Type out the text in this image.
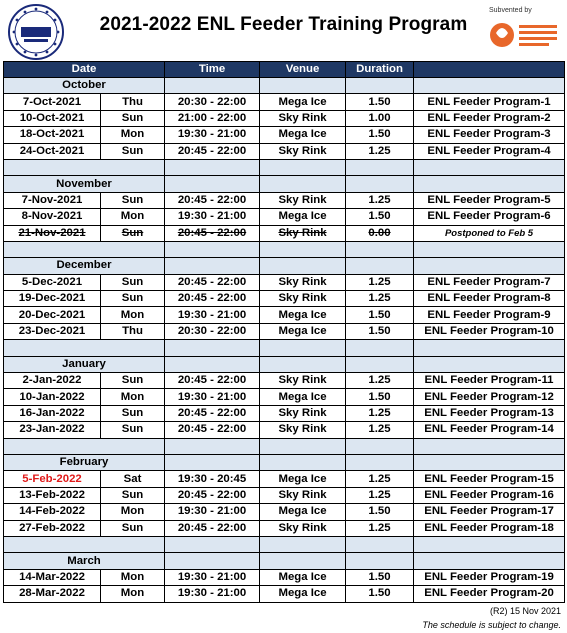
2021-2022 ENL Feeder Training Program
Subvented by
Date		Time	Venue	Duration	
October					
7-Oct-2021	Thu	20:30 - 22:00	Mega Ice	1.50	ENL Feeder Program-1
10-Oct-2021	Sun	21:00 - 22:00	Sky Rink	1.00	ENL Feeder Program-2
18-Oct-2021	Mon	19:30 - 21:00	Mega Ice	1.50	ENL Feeder Program-3
24-Oct-2021	Sun	20:45 - 22:00	Sky Rink	1.25	ENL Feeder Program-4

November					
7-Nov-2021	Sun	20:45 - 22:00	Sky Rink	1.25	ENL Feeder Program-5
8-Nov-2021	Mon	19:30 - 21:00	Mega Ice	1.50	ENL Feeder Program-6
21-Nov-2021	Sun	20:45 - 22:00	Sky Rink	0.00	Postponed to Feb 5

December					
5-Dec-2021	Sun	20:45 - 22:00	Sky Rink	1.25	ENL Feeder Program-7
19-Dec-2021	Sun	20:45 - 22:00	Sky Rink	1.25	ENL Feeder Program-8
20-Dec-2021	Mon	19:30 - 21:00	Mega Ice	1.50	ENL Feeder Program-9
23-Dec-2021	Thu	20:30 - 22:00	Mega Ice	1.50	ENL Feeder Program-10

January					
2-Jan-2022	Sun	20:45 - 22:00	Sky Rink	1.25	ENL Feeder Program-11
10-Jan-2022	Mon	19:30 - 21:00	Mega Ice	1.50	ENL Feeder Program-12
16-Jan-2022	Sun	20:45 - 22:00	Sky Rink	1.25	ENL Feeder Program-13
23-Jan-2022	Sun	20:45 - 22:00	Sky Rink	1.25	ENL Feeder Program-14

February					
5-Feb-2022	Sat	19:30 - 20:45	Mega Ice	1.25	ENL Feeder Program-15
13-Feb-2022	Sun	20:45 - 22:00	Sky Rink	1.25	ENL Feeder Program-16
14-Feb-2022	Mon	19:30 - 21:00	Mega Ice	1.50	ENL Feeder Program-17
27-Feb-2022	Sun	20:45 - 22:00	Sky Rink	1.25	ENL Feeder Program-18

March					
14-Mar-2022	Mon	19:30 - 21:00	Mega Ice	1.50	ENL Feeder Program-19
28-Mar-2022	Mon	19:30 - 21:00	Mega Ice	1.50	ENL Feeder Program-20
(R2) 15 Nov 2021
The schedule is subject to change.
